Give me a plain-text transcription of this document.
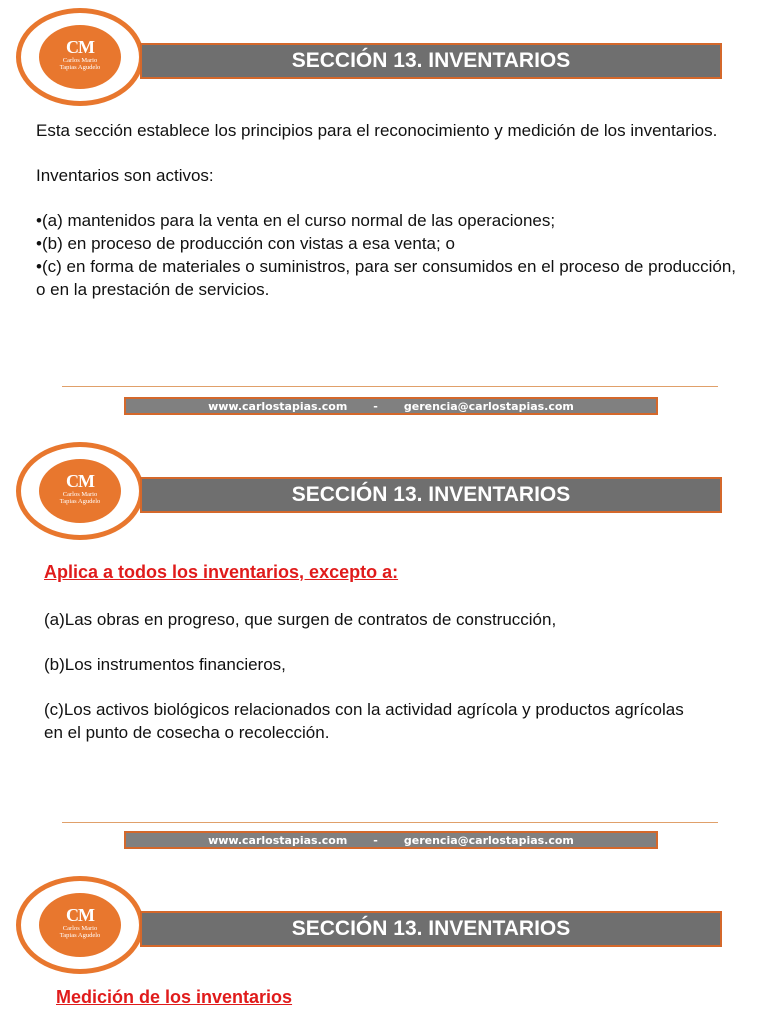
CM
Carlos Mario
Tapias Agudelo	SECCIÓN 13. INVENTARIOS

Esta sección establece los principios para el reconocimiento y medición de los inventarios.

Inventarios son activos:

•(a) mantenidos para la venta en el curso normal de las operaciones;

•(b) en proceso de producción con vistas a esa venta; o

•(c) en forma de materiales o suministros, para ser consumidos en el proceso de producción, o en la prestación de servicios.

www.carlostapias.com - gerencia@carlostapias.com
CM
Carlos Mario
Tapias Agudelo	SECCIÓN 13. INVENTARIOS
Aplica a todos los inventarios, excepto a:

(a)Las obras en progreso, que surgen de contratos de construcción,

(b)Los instrumentos financieros,

(c)Los activos biológicos relacionados con la actividad agrícola y productos agrícolas en el punto de cosecha o recolección.

www.carlostapias.com - gerencia@carlostapias.com
CM
Carlos Mario
Tapias Agudelo	SECCIÓN 13. INVENTARIOS
Medición de los inventarios
